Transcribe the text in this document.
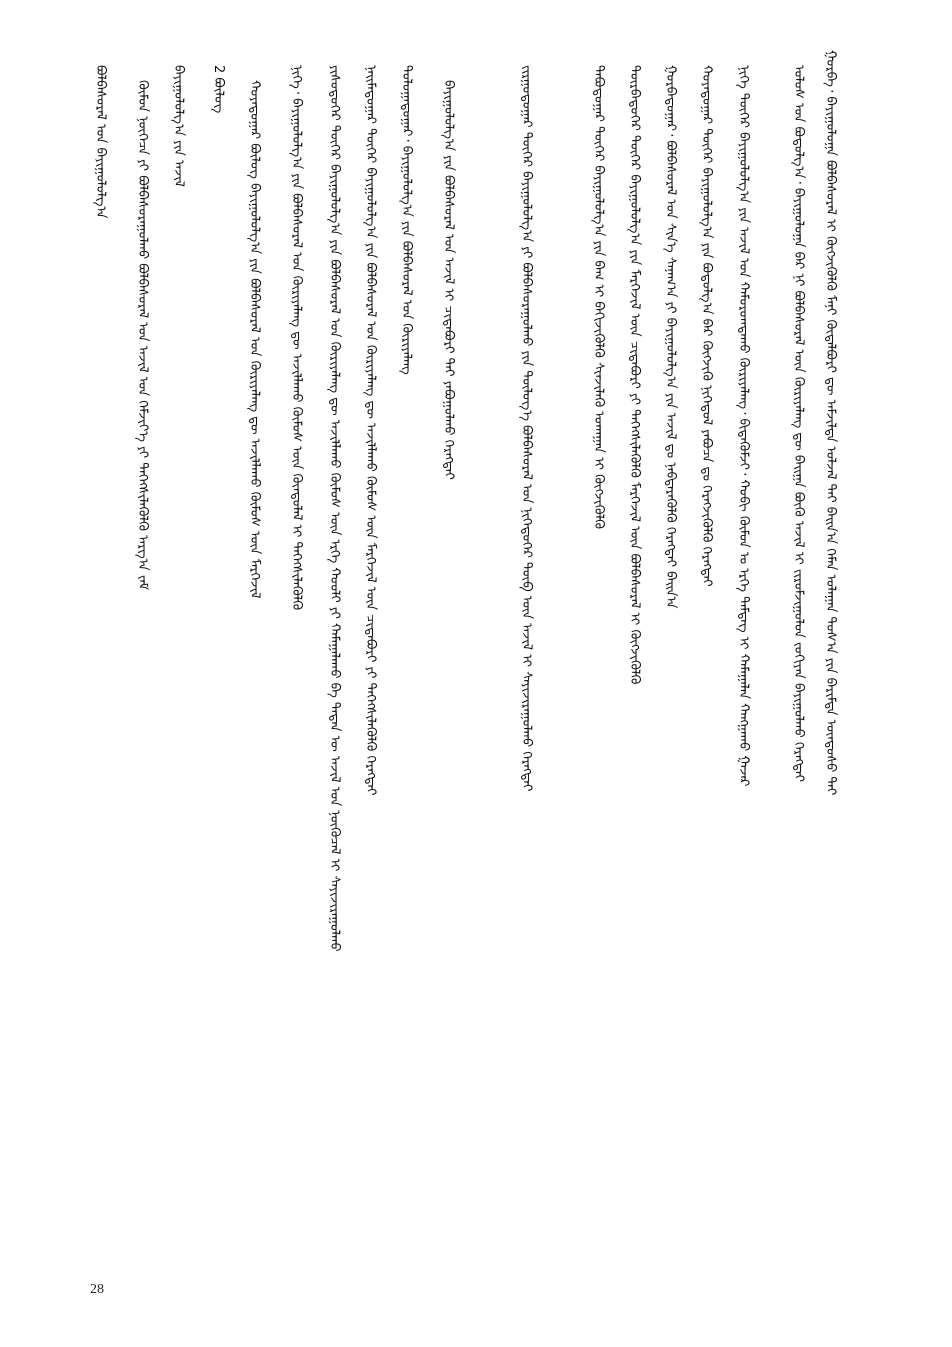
ᠭᠤᠷᠪᠠ᠂ ᠪᠠᠶᠢᠭᠤᠯᠤᠭᠠ ᠪᠣᠯᠪᠠᠰᠤᠷᠠᠯ ᠢ ᠬᠦᠭᠵᠢᠭᠦᠯᠬᠦ ᠮᠠᠨᠢ ᠬᠥᠲᠡᠯᠪᠦᠷᠢ ᠳᠦ ᠠᠮᠵᠢᠯᠲᠠ ᠣᠯᠵᠠᠯ ᠲᠠᠢ ᠪᠠᠢᠨ᠎ᠠ ᠬᠡᠮᠡᠨ ᠤᠯᠠᠭᠠᠨ ᠳᠤᠰ᠎ᠠ ᠶᠢᠨ ᠪᠠᠷᠢᠮᠲᠠ ᠦᠨᠳᠦᠰᠦ ᠲᠠᠢ
ᠤᠯᠤᠰ ᠤᠨ ᠪᠣᠳᠤᠯᠭ᠎ᠠ᠂ ᠪᠠᠶᠢᠭᠤᠯᠤᠭᠠ ᠪᠠᠷ ᠨᠢ ᠪᠣᠯᠪᠠᠰᠤᠷᠠᠯ ᠦᠨ ᠬᠦᠷᠢᠶᠡᠯᠡᠩ ᠳᠦ ᠪᠠᠢᠭᠠ ᠪᠦᠬᠦ ᠠᠵᠢᠯ ᠢ ᠵᠢᠷᠤᠮᠵᠢᠭᠤᠯᠤᠨ ᠵᠣᠬᠢᠶᠠᠨ ᠪᠠᠶᠢᠭᠤᠯᠬᠤ ᠬᠡᠷᠡᠭᠲᠡᠢ
ᠨᠢᠭᠡ ᠳᠦᠭᠡᠷ ᠪᠠᠶᠢᠭᠤᠯᠤᠯᠭ᠎ᠠ ᠶᠢᠨ ᠠᠵᠢᠯ ᠤᠨ ᠬᠠᠮᠤᠷᠤᠭᠳᠠᠬᠤ ᠬᠦᠷᠢᠶᠡᠯᠡᠩ᠂ ᠪᠢᠲᠡᠭᠦᠮᠵᠢ᠂ ᠬᠤᠪᠢ ᠬᠦᠮᠦᠨ ᠤ ᠡᠷᠬᠡ ᠲᠡᠮᠳᠡᠭ ᠢ ᠬᠠᠮᠠᠭᠠᠯᠠᠨ ᠬᠠᠩᠭᠠᠬᠤ ᠭᠠᠵᠠᠷ
ᠬᠣᠶᠠᠳᠤᠭᠠᠷ ᠳᠦᠭᠡᠷ ᠪᠠᠶᠢᠭᠤᠯᠤᠯᠭ᠎ᠠ ᠶᠢᠨ ᠪᠣᠳᠤᠯᠭ᠎ᠠ ᠪᠠᠷ ᠬᠥᠭᠵᠢᠬᠦ ᠨᠢᠭᠡᠳᠦᠯ ᠶᠠᠪᠤᠴᠠ ᠳᠤ ᠬᠡᠷᠡᠭᠵᠢᠭᠦᠯᠬᠦ ᠬᠡᠷᠡᠭᠲᠡᠢ
ᠭᠤᠷᠪᠠᠳᠤᠭᠠᠷ᠂ ᠪᠣᠯᠪᠠᠰᠤᠷᠠᠯ ᠤᠨ ᠰᠢᠨ᠎ᠡ ᠰᠠᠨᠠᠭ᠎ᠠ ᠶᠢ ᠪᠠᠶᠢᠭᠤᠯᠤᠯᠭ᠎ᠠ ᠶᠢᠨ ᠠᠵᠢᠯ ᠳᠤ ᠨᠡᠪᠲᠡᠷᠡᠭᠦᠯᠬᠦ ᠬᠡᠷᠡᠭᠲᠡᠢ ᠪᠠᠢᠨ᠎ᠠ
ᠳᠥᠷᠪᠡᠳᠦᠭᠡᠷ ᠳᠦᠭᠡᠷ ᠪᠠᠶᠢᠭᠤᠯᠤᠯᠭ᠎ᠠ ᠶᠢᠨ ᠮᠡᠷᠭᠡᠵᠢᠯ ᠦᠨ ᠴᠢᠳᠠᠪᠤᠷᠢ ᠶᠢ ᠳᠡᠭᠡᠭᠰᠢᠯᠡᠭᠦᠯᠬᠦ ᠮᠡᠷᠭᠡᠵᠢᠯ ᠦᠨ ᠪᠣᠯᠪᠠᠰᠤᠷᠠᠯ ᠢ ᠬᠦᠭᠵᠢᠭᠦᠯᠬᠦ
ᠲᠠᠪᠤᠳᠤᠭᠠᠷ ᠳᠦᠭᠡᠷ ᠪᠠᠶᠢᠭᠤᠯᠤᠯᠭ᠎ᠠ ᠶᠢᠨ ᠪᠠᠭ ᠢ ᠪᠡᠬᠢᠵᠢᠭᠦᠯᠬᠦ ᠰᠢᠨᠵᠢᠯᠡᠬᠦ ᠤᠬᠠᠭᠠᠨ ᠢ ᠬᠥᠭᠵᠢᠭᠦᠯᠬᠦ
ᠵᠢᠷᠭᠤᠳᠤᠭᠠᠷ ᠳᠦᠭᠡᠷ ᠪᠠᠶᠢᠭᠤᠯᠤᠯᠭ᠎ᠠ ᠶᠢ ᠪᠣᠯᠪᠠᠰᠤᠷᠠᠭᠤᠯᠬᠤ ᠶᠢᠨ ᠲᠥᠯᠦᠭ᠎ᠡ ᠪᠣᠯᠪᠠᠰᠤᠷᠠᠯ ᠤᠨ ᠨᠢᠭᠡᠳᠦᠭᠡᠷ ᠲᠥᠪ ᠦᠨ ᠠᠵᠢᠯ ᠢ ᠰᠠᠶᠢᠵᠢᠷᠠᠭᠤᠯᠬᠤ ᠬᠡᠷᠡᠭᠲᠡᠢ
ᠪᠠᠶᠢᠭᠤᠯᠤᠯᠭ᠎ᠠ ᠶᠢᠨ ᠪᠣᠯᠪᠠᠰᠤᠷᠠᠯ ᠤᠨ ᠠᠵᠢᠯ ᠢ ᠴᠢᠳᠠᠪᠤᠷᠢ ᠲᠠᠢ ᠶᠠᠪᠤᠭᠤᠯᠬᠤ ᠬᠡᠷᠡᠭᠲᠡᠢ
ᠳᠣᠯᠣᠭᠠᠳᠤᠭᠠᠷ᠂ ᠪᠠᠶᠢᠭᠤᠯᠤᠯᠭ᠎ᠠ ᠶᠢᠨ ᠪᠣᠯᠪᠠᠰᠤᠷᠠᠯ ᠤᠨ ᠬᠦᠷᠢᠶᠡᠯᠡᠩ
ᠨᠠᠢᠮᠠᠳᠤᠭᠠᠷ ᠳᠦᠭᠡᠷ ᠪᠠᠶᠢᠭᠤᠯᠤᠯᠭ᠎ᠠ ᠶᠢᠨ ᠪᠣᠯᠪᠠᠰᠤᠷᠠᠯ ᠤᠨ ᠬᠦᠷᠢᠶᠡᠯᠡᠩ ᠳᠦ ᠠᠵᠢᠯᠯᠠᠬᠤ ᠬᠦᠮᠦᠰ ᠦᠨ ᠮᠡᠷᠭᠡᠵᠢᠯ ᠦᠨ ᠴᠢᠳᠠᠪᠤᠷᠢ ᠶᠢ ᠳᠡᠭᠡᠭᠰᠢᠯᠡᠭᠦᠯᠬᠦ ᠬᠡᠷᠡᠭᠲᠡᠢ
ᠶᠢᠰᠦᠳᠦᠭᠡᠷ ᠳᠦᠭᠡᠷ ᠪᠠᠶᠢᠭᠤᠯᠤᠯᠭ᠎ᠠ ᠶᠢᠨ ᠪᠣᠯᠪᠠᠰᠤᠷᠠᠯ ᠤᠨ ᠬᠦᠷᠢᠶᠡᠯᠡᠩ ᠳᠦ ᠠᠵᠢᠯᠯᠠᠬᠤ ᠬᠦᠮᠦᠰ ᠦᠨ ᠡᠷᠬᠡ ᠬᠣᠤᠯᠢ ᠶᠢ ᠬᠠᠮᠠᠭᠠᠯᠠᠬᠤ ᠪᠠ ᠲᠡᠳᠡᠨ ᠦ ᠠᠵᠢᠯ ᠤᠨ ᠨᠥᠬᠥᠴᠡᠯ ᠢ ᠰᠠᠶᠢᠵᠢᠷᠠᠭᠤᠯᠬᠤ
ᠨᠢᠭᠡ᠂ ᠪᠠᠶᠢᠭᠤᠯᠤᠯᠭ᠎ᠠ ᠶᠢᠨ ᠪᠣᠯᠪᠠᠰᠤᠷᠠᠯ ᠤᠨ ᠬᠦᠷᠢᠶᠡᠯᠡᠩ ᠳᠦ ᠠᠵᠢᠯᠯᠠᠬᠤ ᠬᠦᠮᠦᠰ ᠦᠨ ᠬᠦᠨᠳᠦᠯᠡᠯ ᠢ ᠳᠡᠭᠡᠭᠰᠢᠯᠡᠭᠦᠯᠬᠦ
ᠬᠣᠶᠠᠳᠤᠭᠠᠷ ᠪᠦᠯᠦᠭ ᠪᠠᠶᠢᠭᠤᠯᠤᠯᠭ᠎ᠠ ᠶᠢᠨ ᠪᠣᠯᠪᠠᠰᠤᠷᠠᠯ ᠤᠨ ᠬᠦᠷᠢᠶᠡᠯᠡᠩ ᠳᠦ ᠠᠵᠢᠯᠯᠠᠬᠤ ᠬᠦᠮᠦᠰ ᠦᠨ ᠮᠡᠷᠭᠡᠵᠢᠯ
2 ᠪᠦᠯᠦᠭ
ᠪᠠᠶᠢᠭᠤᠯᠤᠯᠭ᠎ᠠ ᠶᠢᠨ ᠠᠵᠢᠯ
ᠬᠦᠮᠦᠨ ᠨᠥᠭᠡᠴᠡ ᠶᠢ ᠪᠣᠯᠪᠠᠰᠤᠷᠠᠭᠤᠯᠬᠤ ᠪᠣᠯᠪᠠᠰᠤᠷᠠᠯ ᠤᠨ ᠠᠵᠢᠯ ᠤᠨ ᠬᠡᠮᠵᠢᠶ᠎ᠡ ᠶᠢ ᠳᠡᠭᠡᠭᠰᠢᠯᠡᠭᠦᠯᠬᠦ ᠠᠷᠭ᠎ᠠ ᠵᠠᠮ
ᠪᠣᠯᠪᠠᠰᠤᠷᠠᠯ ᠤᠨ ᠪᠠᠶᠢᠭᠤᠯᠤᠯᠭ᠎ᠠ
28
